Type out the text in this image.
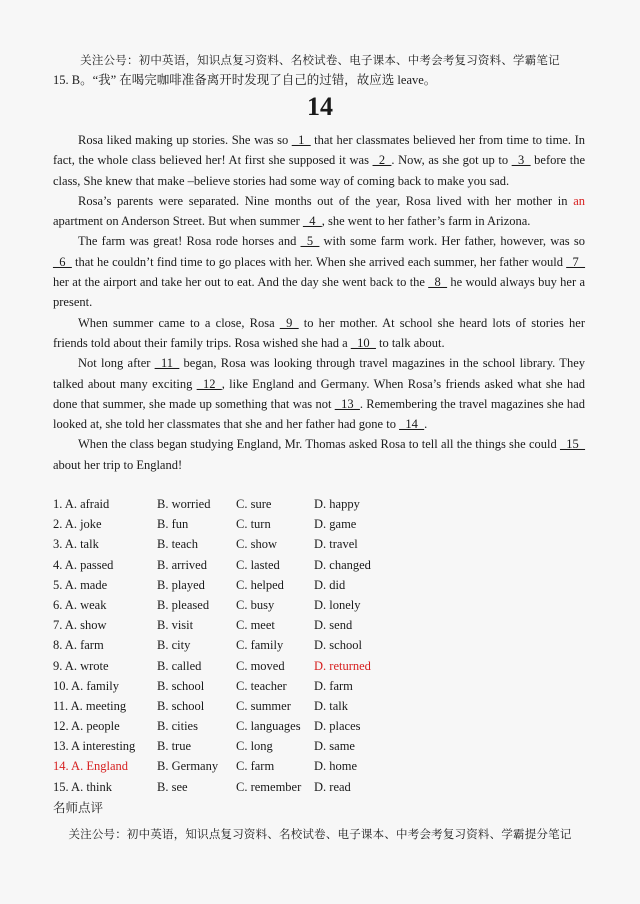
关注公号：初中英语，知识点复习资料、名校试卷、电子课本、中考会考复习资料、学霸笔记
15. B。“我” 在喝完咖啡准备离开时发现了自己的过错，故应选 leave。
14

Rosa liked making up stories. She was so _1_ that her classmates believed her from time to time. In fact, the whole class believed her! At first she supposed it was _2_. Now, as she got up to _3_ before the class, She knew that make –believe stories had some way of coming back to make you sad.

Rosa’s parents were separated. Nine months out of the year, Rosa lived with her mother in an apartment on Anderson Street. But when summer _4_, she went to her father’s farm in Arizona.

The farm was great! Rosa rode horses and _5_ with some farm work. Her father, however, was so _6_ that he couldn’t find time to go places with her. When she arrived each summer, her father would _7_ her at the airport and take her out to eat. And the day she went back to the _8_ he would always buy her a present.

When summer came to a close, Rosa _9_ to her mother. At school she heard lots of stories her friends told about their family trips. Rosa wished she had a _10_ to talk about.

Not long after _11_ began, Rosa was looking through travel magazines in the school library. They talked about many exciting _12_, like England and Germany. When Rosa’s friends asked what she had done that summer, she made up something that was not _13_. Remembering the travel magazines she had looked at, she told her classmates that she and her father had gone to _14_.

When the class began studying England, Mr. Thomas asked Rosa to tell all the things she could _15_ about her trip to England!

1. A. afraid	B. worried C. sure	D. happy
2. A. joke	B. fun	C. turn	D. game
3. A. talk	B. teach	C. show	D. travel
4. A. passed	B. arrived C. lasted	D. changed
5. A. made	B. played C. helped D. did
6. A. weak	B. pleased C. busy	D. lonely
7. A. show	B. visit	C. meet	D. send
8. A. farm	B. city	C. family D. school
9. A. wrote	B. called	C. moved D. returned
10. A. family	B. school	C. teacher D. farm
11. A. meeting B. school	C. summer D. talk
12. A. people	B. cities	C. languages D. places
13. A interesting B. true	C. long	D. same
14. A. England B. Germany C. farm	D. home
15. A. think	B. see	C. remember D. read
名师点评
关注公号：初中英语，知识点复习资料、名校试卷、电子课本、中考会考复习资料、学霸提分笔记
